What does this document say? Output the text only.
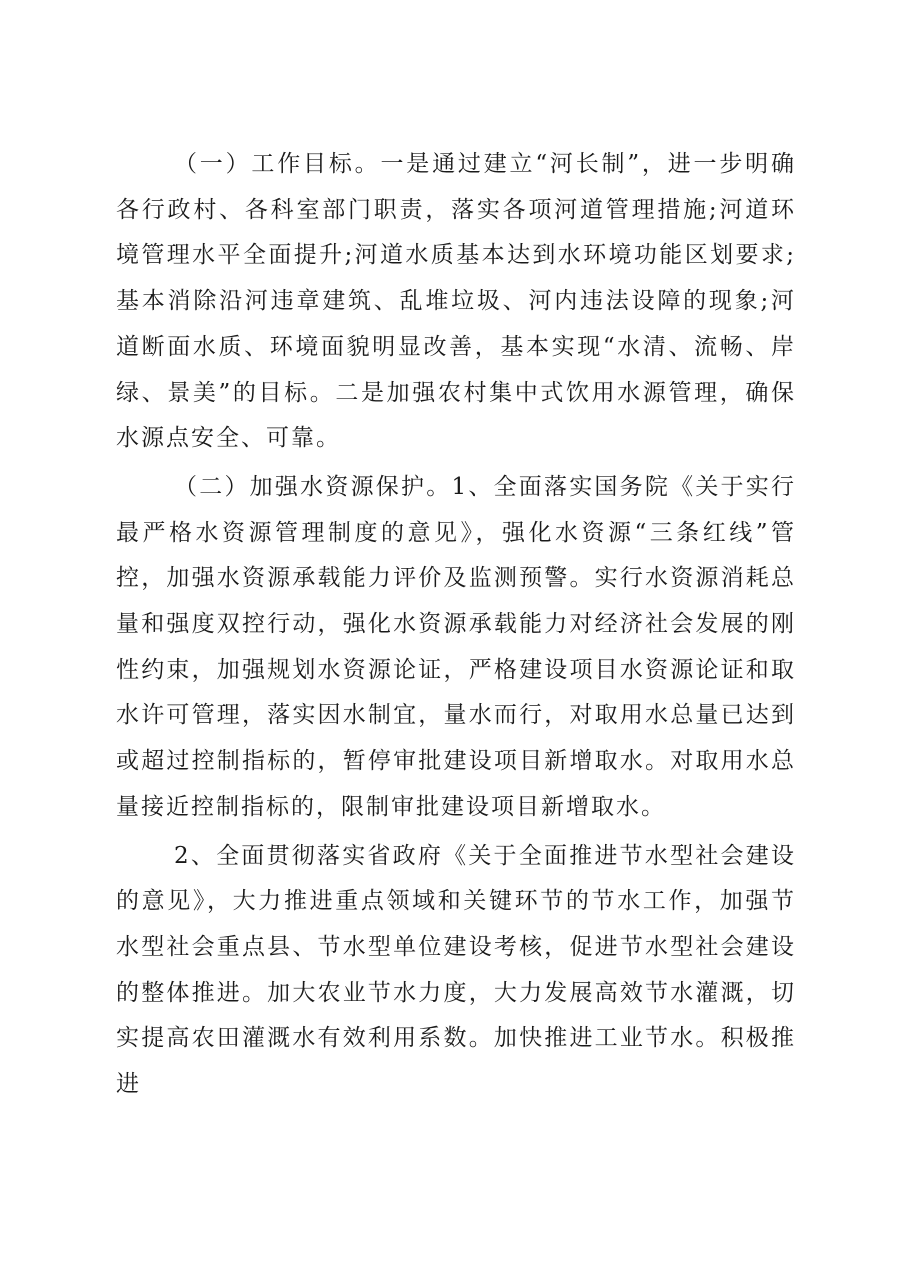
（一）工作目标。一是通过建立“河长制”，进一步明确各行政村、各科室部门职责，落实各项河道管理措施;河道环境管理水平全面提升;河道水质基本达到水环境功能区划要求;基本消除沿河违章建筑、乱堆垃圾、河内违法设障的现象;河道断面水质、环境面貌明显改善，基本实现“水清、流畅、岸绿、景美”的目标。二是加强农村集中式饮用水源管理，确保水源点安全、可靠。

（二）加强水资源保护。1、全面落实国务院《关于实行最严格水资源管理制度的意见》，强化水资源“三条红线”管控，加强水资源承载能力评价及监测预警。实行水资源消耗总量和强度双控行动，强化水资源承载能力对经济社会发展的刚性约束，加强规划水资源论证，严格建设项目水资源论证和取水许可管理，落实因水制宜，量水而行，对取用水总量已达到或超过控制指标的，暂停审批建设项目新增取水。对取用水总量接近控制指标的，限制审批建设项目新增取水。

2、全面贯彻落实省政府《关于全面推进节水型社会建设的意见》，大力推进重点领域和关键环节的节水工作，加强节水型社会重点县、节水型单位建设考核，促进节水型社会建设的整体推进。加大农业节水力度，大力发展高效节水灌溉，切实提高农田灌溉水有效利用系数。加快推进工业节水。积极推进
